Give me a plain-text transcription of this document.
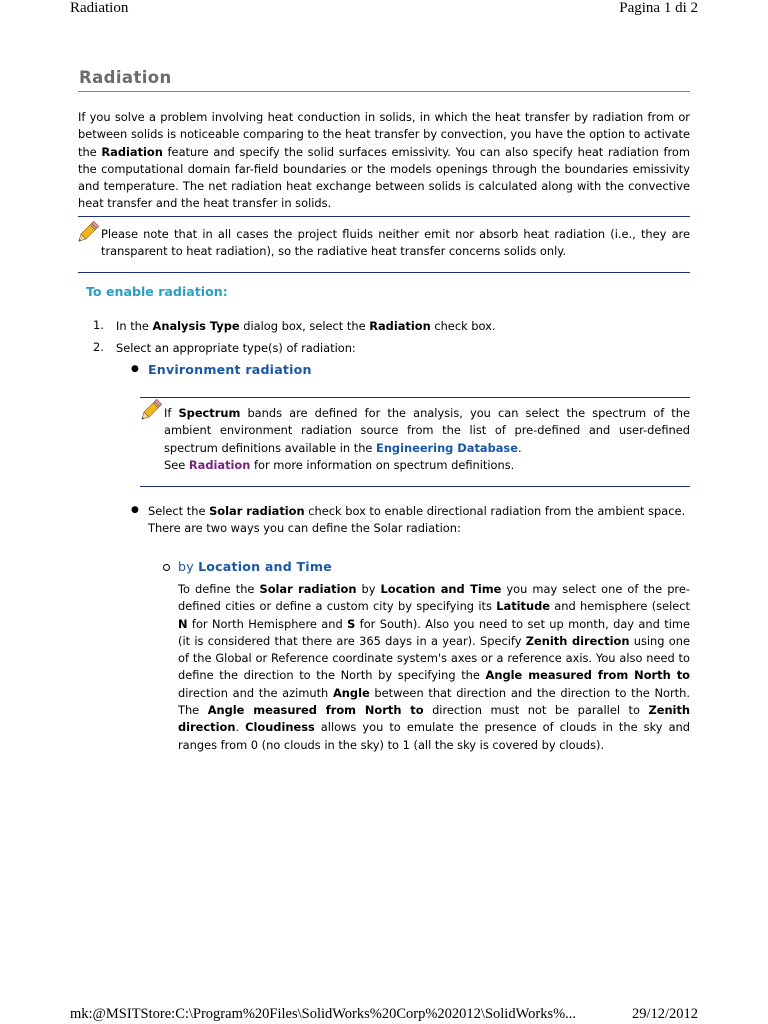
Radiation	Pagina 1 di 2
mk:@MSITStore:C:\Program%20Files\SolidWorks%20Corp%202012\SolidWorks%...	29/12/2012
Radiation
If you solve a problem involving heat conduction in solids, in which the heat transfer by radiation from or between solids is noticeable comparing to the heat transfer by convection, you have the option to activate the Radiation feature and specify the solid surfaces emissivity. You can also specify heat radiation from the computational domain far-field boundaries or the models openings through the boundaries emissivity and temperature. The net radiation heat exchange between solids is calculated along with the convective heat transfer and the heat transfer in solids.
Please note that in all cases the project fluids neither emit nor absorb heat radiation (i.e., they are transparent to heat radiation), so the radiative heat transfer concerns solids only.
To enable radiation:
1. In the Analysis Type dialog box, select the Radiation check box.
2. Select an appropriate type(s) of radiation:
● Environment radiation
If Spectrum bands are defined for the analysis, you can select the spectrum of the ambient environment radiation source from the list of pre-defined and user-defined spectrum definitions available in the Engineering Database.
See Radiation for more information on spectrum definitions.
● Select the Solar radiation check box to enable directional radiation from the ambient space.
There are two ways you can define the Solar radiation:
by Location and Time
To define the Solar radiation by Location and Time you may select one of the pre-defined cities or define a custom city by specifying its Latitude and hemisphere (select N for North Hemisphere and S for South). Also you need to set up month, day and time (it is considered that there are 365 days in a year). Specify Zenith direction using one of the Global or Reference coordinate system's axes or a reference axis. You also need to define the direction to the North by specifying the Angle measured from North to direction and the azimuth Angle between that direction and the direction to the North. The Angle measured from North to direction must not be parallel to Zenith direction. Cloudiness allows you to emulate the presence of clouds in the sky and ranges from 0 (no clouds in the sky) to 1 (all the sky is covered by clouds).
